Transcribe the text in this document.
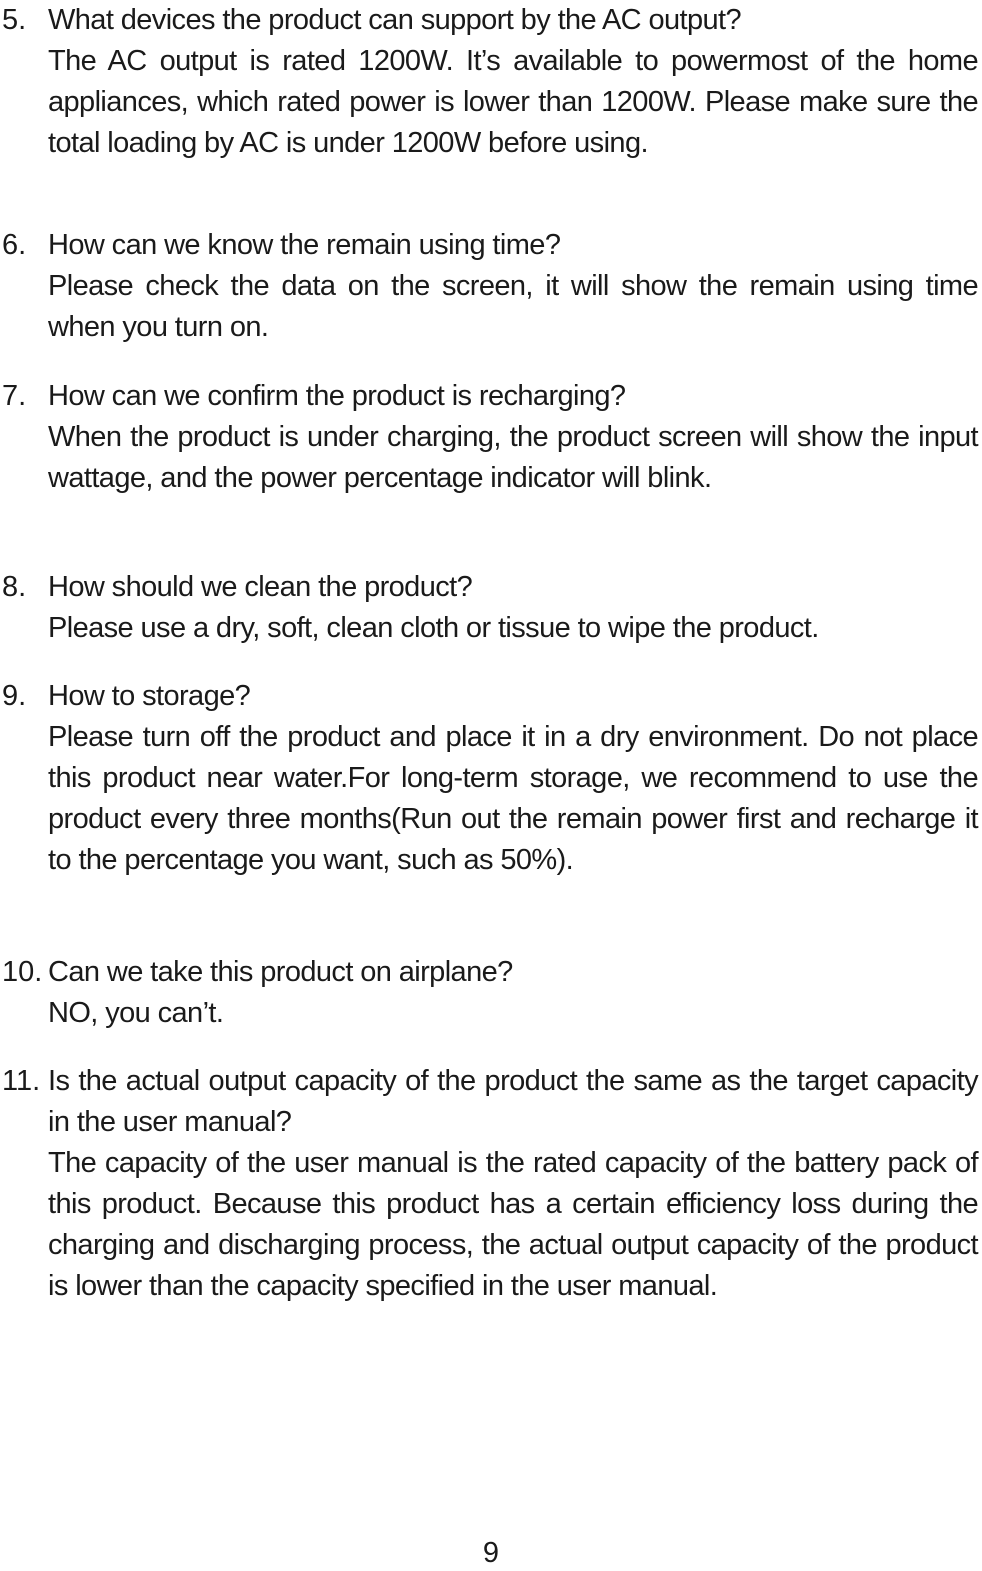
5. What devices the product can support by the AC output?

The AC output is rated 1200W. It’s available to powermost of the home appliances, which rated power is lower than 1200W. Please make sure the total loading by AC is under 1200W before using.

6. How can we know the remain using time?

Please check the data on the screen, it will show the remain using time when you turn on.

7. How can we confirm the product is recharging?

When the product is under charging, the product screen will show the input wattage, and the power percentage indicator will blink.

8. How should we clean the product?

Please use a dry, soft, clean cloth or tissue to wipe the product.

9. How to storage?

Please turn off the product and place it in a dry environment. Do not place this product near water.For long-term storage, we recommend to use the product every three months(Run out the remain power first and recharge it to the percentage you want, such as 50%).

10. Can we take this product on airplane?

NO, you can’t.

11. Is the actual output capacity of the product the same as the target capacity in the user manual?

The capacity of the user manual is the rated capacity of the battery pack of this product. Because this product has a certain efficiency loss during the charging and discharging process, the actual output capacity of the product is lower than the capacity specified in the user manual.

9
